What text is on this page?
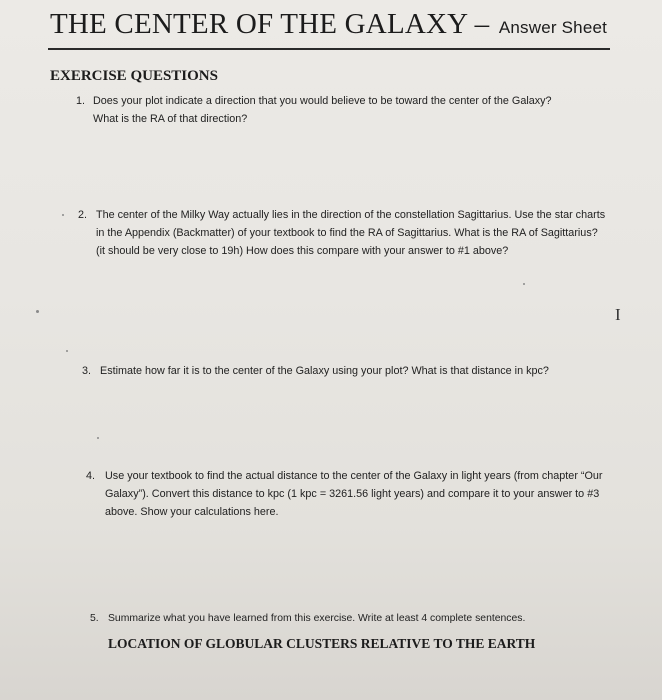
THE CENTER OF THE GALAXY – Answer Sheet
EXERCISE QUESTIONS
1. Does your plot indicate a direction that you would believe to be toward the center of the Galaxy? What is the RA of that direction?
2. The center of the Milky Way actually lies in the direction of the constellation Sagittarius. Use the star charts in the Appendix (Backmatter) of your textbook to find the RA of Sagittarius. What is the RA of Sagittarius? (it should be very close to 19h) How does this compare with your answer to #1 above?
3. Estimate how far it is to the center of the Galaxy using your plot? What is that distance in kpc?
4. Use your textbook to find the actual distance to the center of the Galaxy in light years (from chapter “Our Galaxy”). Convert this distance to kpc (1 kpc = 3261.56 light years) and compare it to your answer to #3 above. Show your calculations here.
5. Summarize what you have learned from this exercise. Write at least 4 complete sentences.
LOCATION OF GLOBULAR CLUSTERS RELATIVE TO THE EARTH
I
